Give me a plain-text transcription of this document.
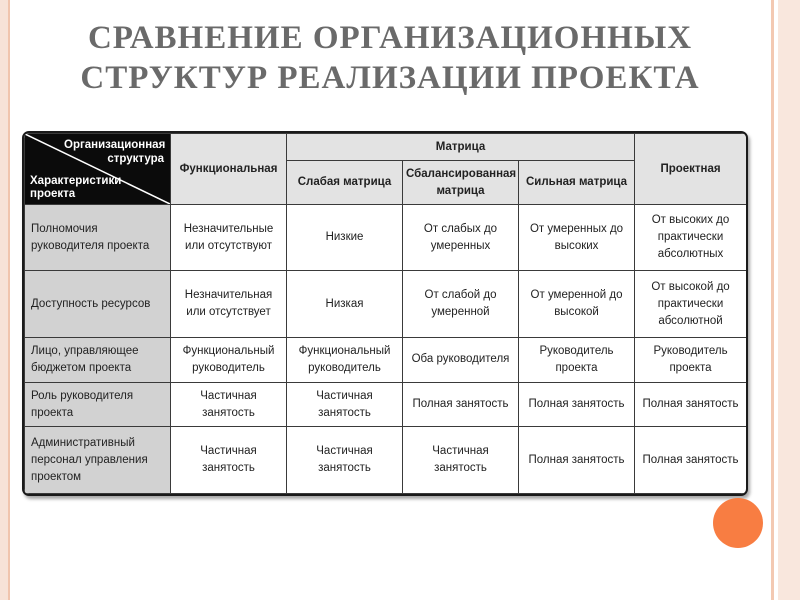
СРАВНЕНИЕ ОРГАНИЗАЦИОННЫХ
СТРУКТУР РЕАЛИЗАЦИИ ПРОЕКТА
Организационная структура
Характеристики проекта	Функциональная	Матрица			Проектная
		Слабая матрица	Сбалансированная матрица	Сильная матрица	
Полномочия руководителя проекта	Незначительные или отсутствуют	Низкие	От слабых до умеренных	От умеренных до высоких	От высоких до практически абсолютных
Доступность ресурсов	Незначительная или отсутствует	Низкая	От слабой до умеренной	От умеренной до высокой	От высокой до практически абсолютной
Лицо, управляющее бюджетом проекта	Функциональный руководитель	Функциональный руководитель	Оба руководителя	Руководитель проекта	Руководитель проекта
Роль руководителя проекта	Частичная занятость	Частичная занятость	Полная занятость	Полная занятость	Полная занятость
Административный персонал управления проектом	Частичная занятость	Частичная занятость	Частичная занятость	Полная занятость	Полная занятость
